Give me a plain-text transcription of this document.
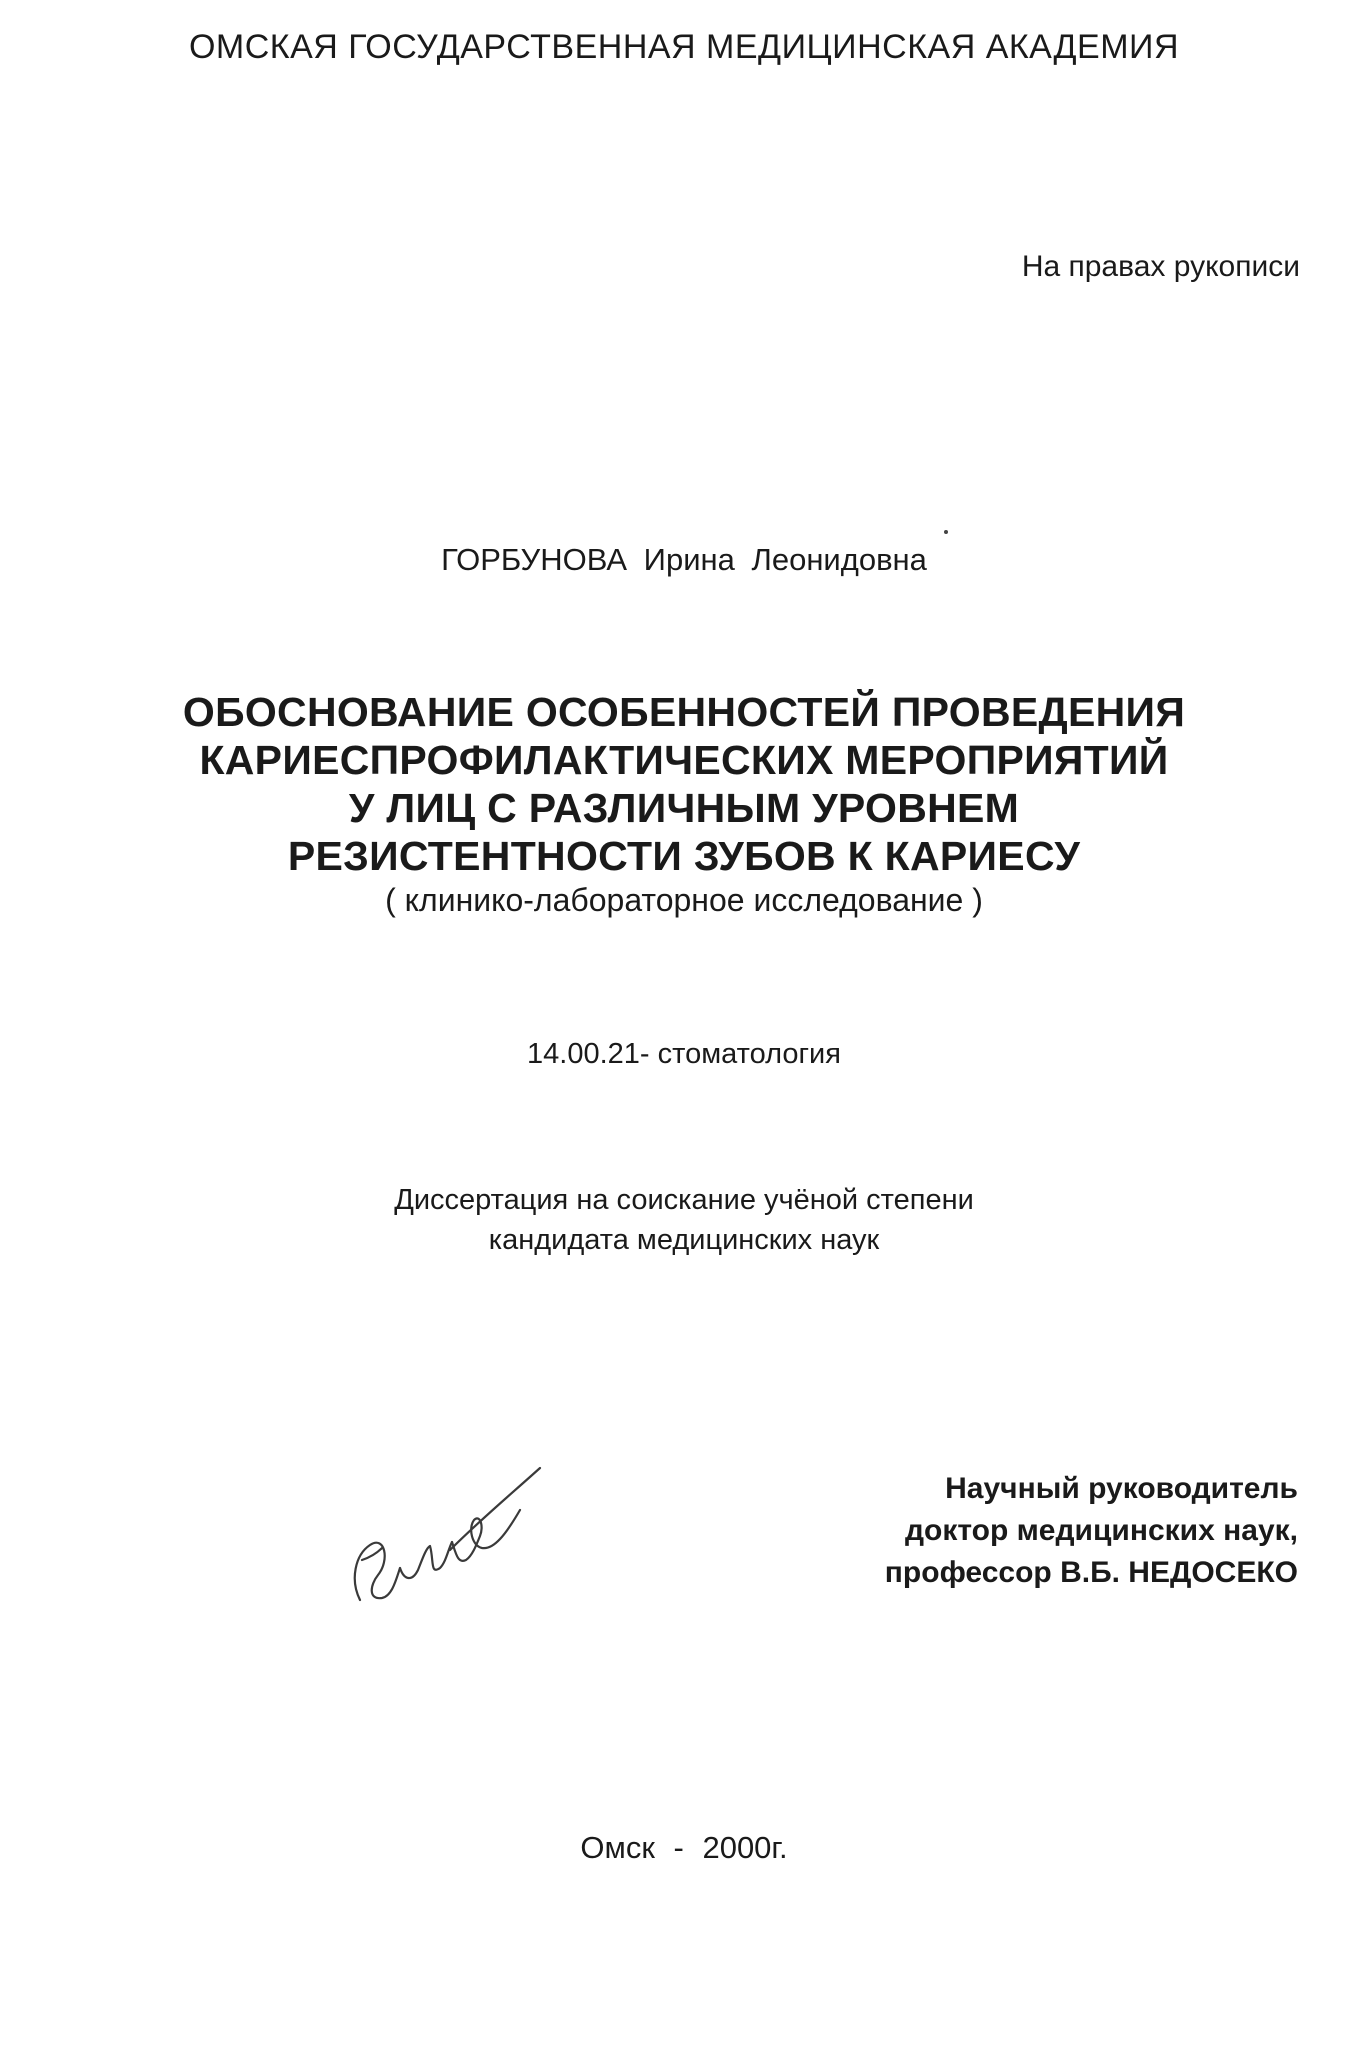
ОМСКАЯ ГОСУДАРСТВЕННАЯ МЕДИЦИНСКАЯ АКАДЕМИЯ
На правах рукописи
ГОРБУНОВА Ирина Леонидовна
ОБОСНОВАНИЕ ОСОБЕННОСТЕЙ ПРОВЕДЕНИЯ
КАРИЕСПРОФИЛАКТИЧЕСКИХ МЕРОПРИЯТИЙ
У ЛИЦ С РАЗЛИЧНЫМ УРОВНЕМ
РЕЗИСТЕНТНОСТИ ЗУБОВ К КАРИЕСУ
( клинико-лабораторное исследование )
14.00.21- стоматология
Диссертация на соискание учёной степени
кандидата медицинских наук
Научный руководитель
доктор медицинских наук,
профессор В.Б. НЕДОСЕКО
Омск - 2000г.
